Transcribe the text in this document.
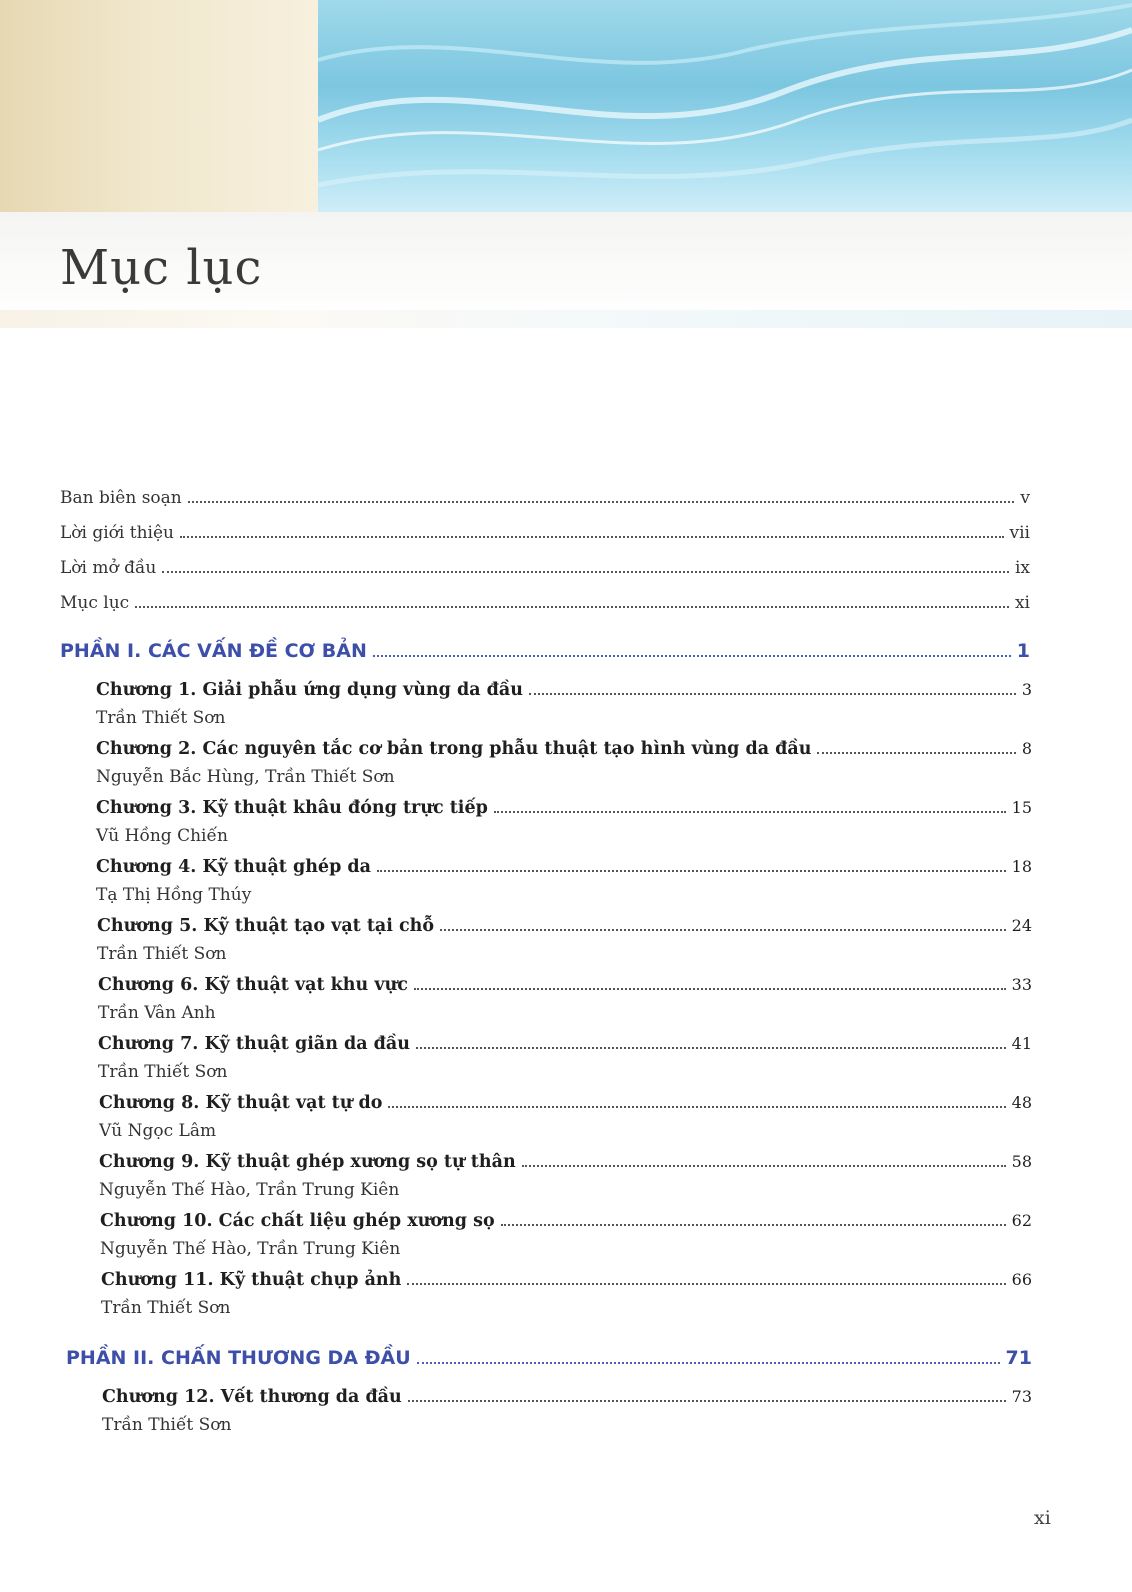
Mục lục
Ban biên soạn	v
Lời giới thiệu	vii
Lời mở đầu	ix
Mục lục	xi
PHẦN I. CÁC VẤN ĐỀ CƠ BẢN	1
Chương 1. Giải phẫu ứng dụng vùng da đầu	3
Trần Thiết Sơn
Chương 2. Các nguyên tắc cơ bản trong phẫu thuật tạo hình vùng da đầu	8
Nguyễn Bắc Hùng, Trần Thiết Sơn
Chương 3. Kỹ thuật khâu đóng trực tiếp	15
Vũ Hồng Chiến
Chương 4. Kỹ thuật ghép da	18
Tạ Thị Hồng Thúy
Chương 5. Kỹ thuật tạo vạt tại chỗ	24
Trần Thiết Sơn
Chương 6. Kỹ thuật vạt khu vực	33
Trần Vân Anh
Chương 7. Kỹ thuật giãn da đầu	41
Trần Thiết Sơn
Chương 8. Kỹ thuật vạt tự do	48
Vũ Ngọc Lâm
Chương 9. Kỹ thuật ghép xương sọ tự thân	58
Nguyễn Thế Hào, Trần Trung Kiên
Chương 10. Các chất liệu ghép xương sọ	62
Nguyễn Thế Hào, Trần Trung Kiên
Chương 11. Kỹ thuật chụp ảnh	66
Trần Thiết Sơn
PHẦN II. CHẤN THƯƠNG DA ĐẦU	71
Chương 12. Vết thương da đầu	73
Trần Thiết Sơn
xi
